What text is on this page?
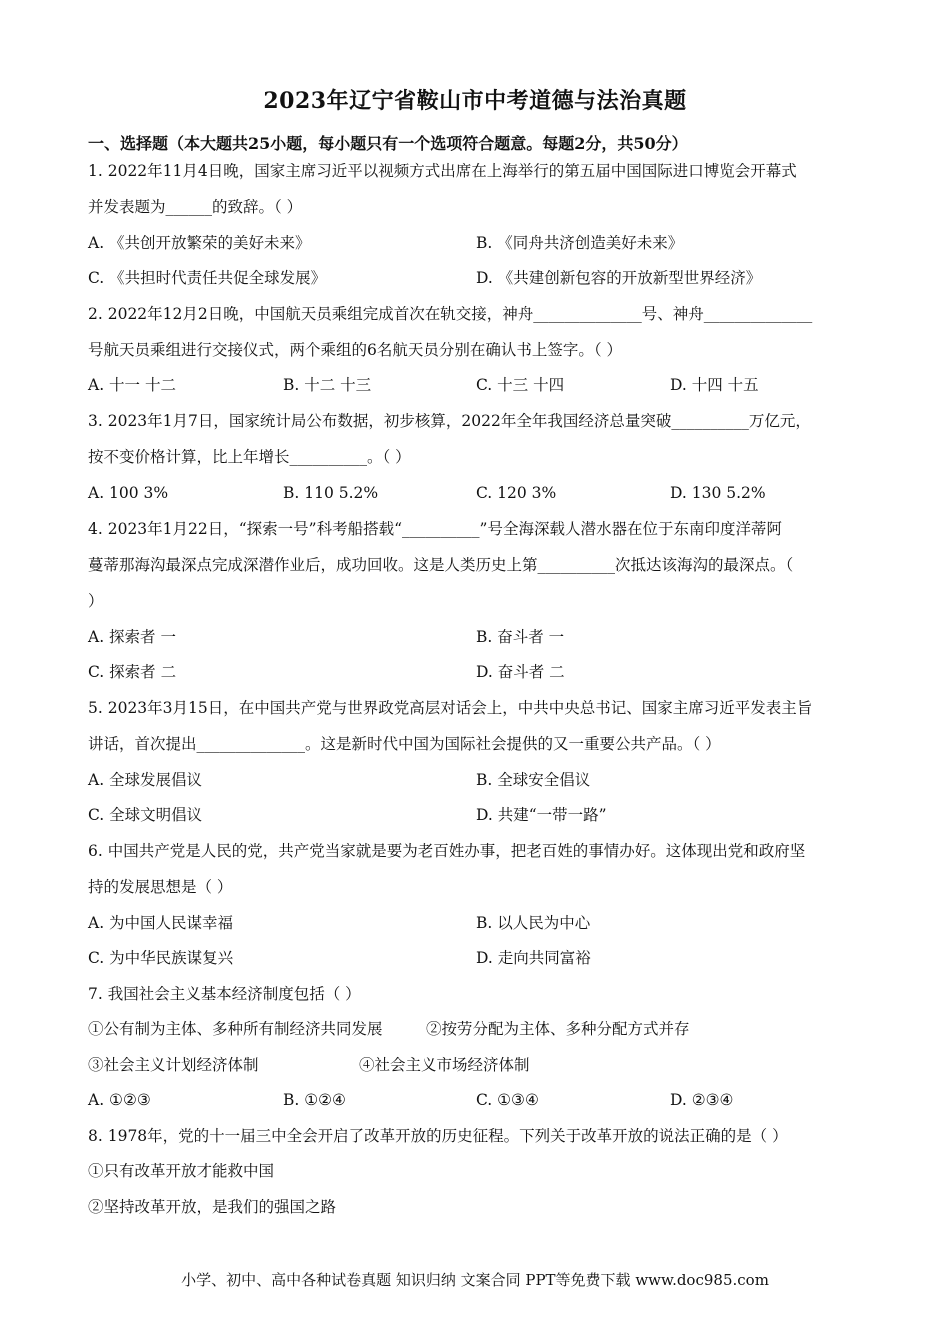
2023年辽宁省鞍山市中考道德与法治真题
一、选择题（本大题共25小题，每小题只有一个选项符合题意。每题2分，共50分）
1. 2022年11月4日晚，国家主席习近平以视频方式出席在上海举行的第五届中国国际进口博览会开幕式
并发表题为______的致辞。（ ）
A. 《共创开放繁荣的美好未来》	B. 《同舟共济创造美好未来》
C. 《共担时代责任共促全球发展》	D. 《共建创新包容的开放新型世界经济》
2. 2022年12月2日晚，中国航天员乘组完成首次在轨交接，神舟______________号、神舟______________
号航天员乘组进行交接仪式，两个乘组的6名航天员分别在确认书上签字。（ ）
A. 十一 十二	B. 十二 十三	C. 十三 十四	D. 十四 十五
3. 2023年1月7日，国家统计局公布数据，初步核算，2022年全年我国经济总量突破__________万亿元，
按不变价格计算，比上年增长__________。（ ）
A. 100 3%	B. 110 5.2%	C. 120 3%	D. 130 5.2%
4. 2023年1月22日，“探索一号”科考船搭载“__________”号全海深载人潜水器在位于东南印度洋蒂阿
蔓蒂那海沟最深点完成深潜作业后，成功回收。这是人类历史上第__________次抵达该海沟的最深点。（
）
A. 探索者 一	B. 奋斗者 一
C. 探索者 二	D. 奋斗者 二
5. 2023年3月15日，在中国共产党与世界政党高层对话会上，中共中央总书记、国家主席习近平发表主旨
讲话，首次提出______________。这是新时代中国为国际社会提供的又一重要公共产品。（ ）
A. 全球发展倡议	B. 全球安全倡议
C. 全球文明倡议	D. 共建“一带一路”
6. 中国共产党是人民的党，共产党当家就是要为老百姓办事，把老百姓的事情办好。这体现出党和政府坚
持的发展思想是（ ）
A. 为中国人民谋幸福	B. 以人民为中心
C. 为中华民族谋复兴	D. 走向共同富裕
7. 我国社会主义基本经济制度包括（ ）
①公有制为主体、多种所有制经济共同发展	②按劳分配为主体、多种分配方式并存
③社会主义计划经济体制	④社会主义市场经济体制
A. ①②③	B. ①②④	C. ①③④	D. ②③④
8. 1978年，党的十一届三中全会开启了改革开放的历史征程。下列关于改革开放的说法正确的是（ ）
①只有改革开放才能救中国
②坚持改革开放，是我们的强国之路
小学、初中、高中各种试卷真题 知识归纳 文案合同 PPT等免费下载 www.doc985.com
